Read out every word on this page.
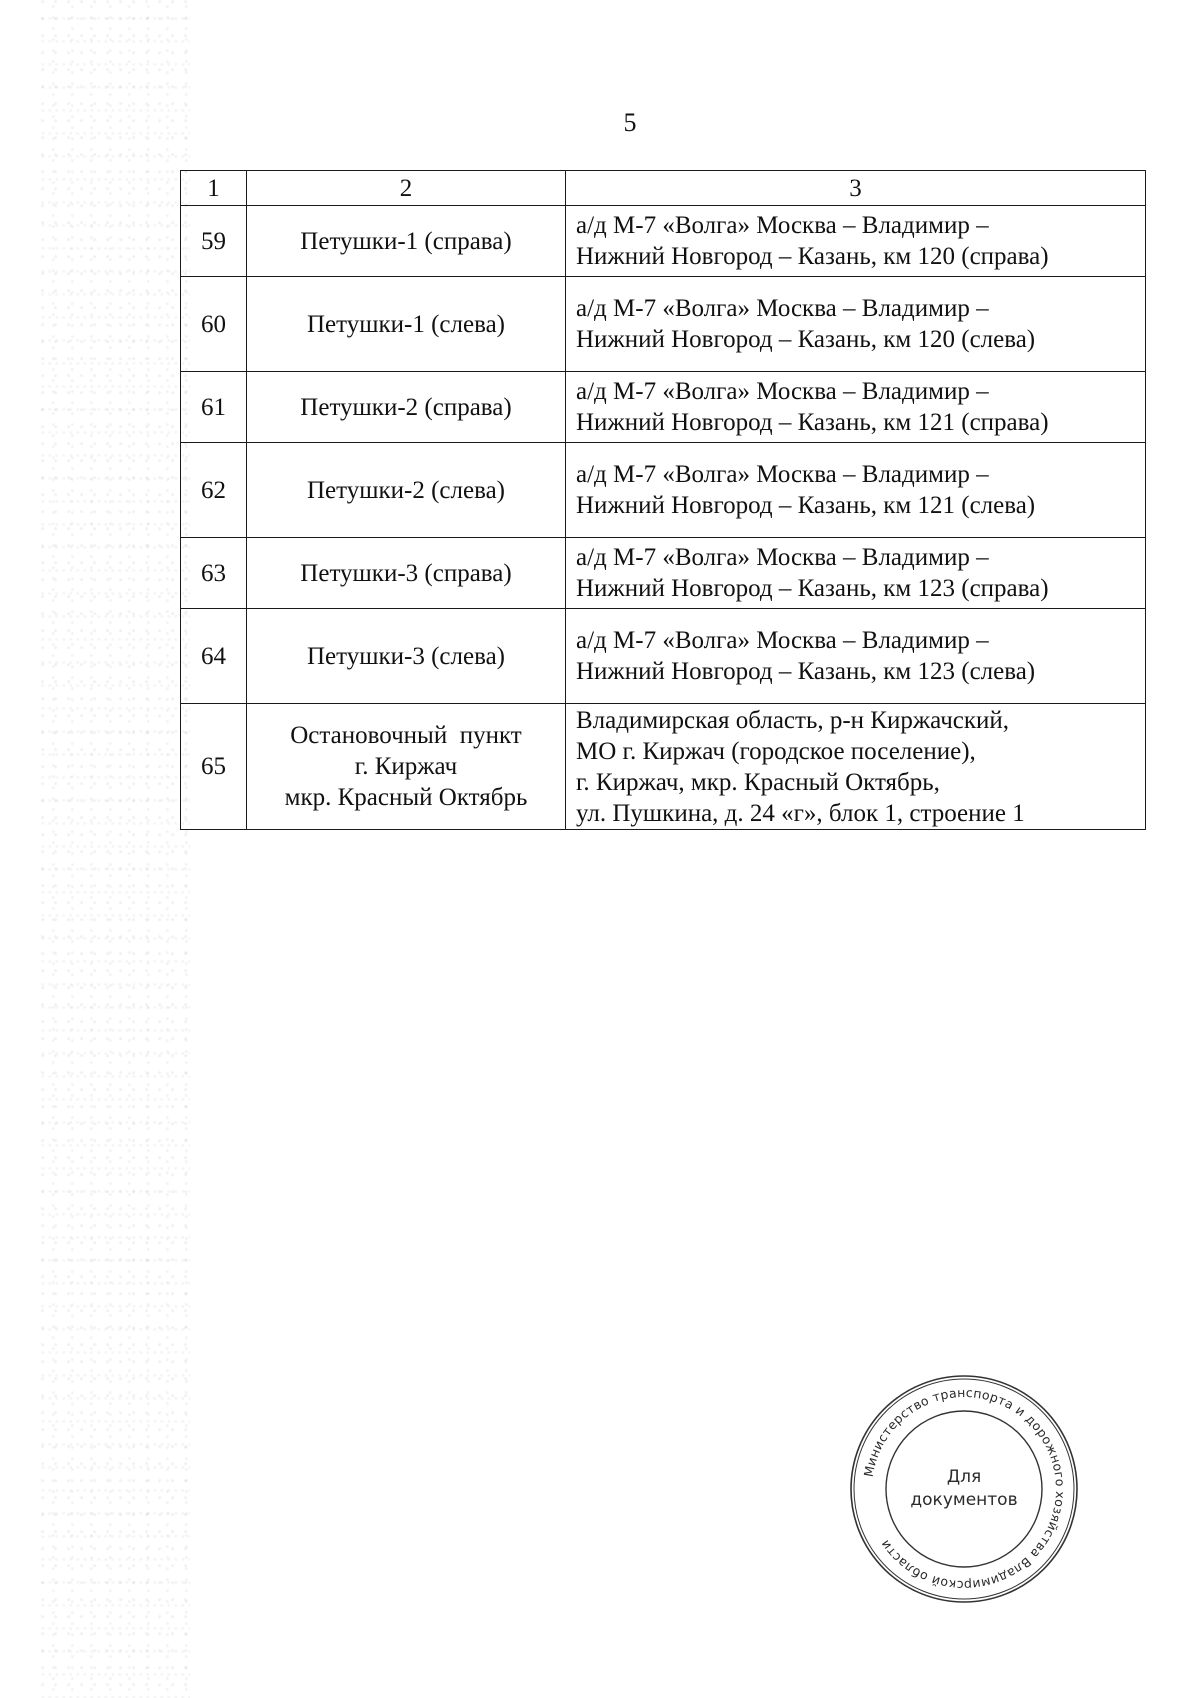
5
1	2	3
59	Петушки-1 (справа)	а/д М-7 «Волга» Москва – Владимир –
Нижний Новгород – Казань, км 120 (справа)

60	Петушки-1 (слева)	а/д М-7 «Волга» Москва – Владимир –
Нижний Новгород – Казань, км 120 (слева)

61	Петушки-2 (справа)	а/д М-7 «Волга» Москва – Владимир –
Нижний Новгород – Казань, км 121 (справа)

62	Петушки-2 (слева)	а/д М-7 «Волга» Москва – Владимир –
Нижний Новгород – Казань, км 121 (слева)

63	Петушки-3 (справа)	а/д М-7 «Волга» Москва – Владимир –
Нижний Новгород – Казань, км 123 (справа)

64	Петушки-3 (слева)	а/д М-7 «Волга» Москва – Владимир –
Нижний Новгород – Казань, км 123 (слева)

65	Остановочный  пункт
г. Киржач
мкр. Красный Октябрь	Владимирская область, р-н Киржачский,
МО г. Киржач (городское поселение),
г. Киржач, мкр. Красный Октябрь,
ул. Пушкина, д. 24 «г», блок 1, строение 1
Министерство транспорта и дорожного хозяйства Владимирской области
Для
документов
